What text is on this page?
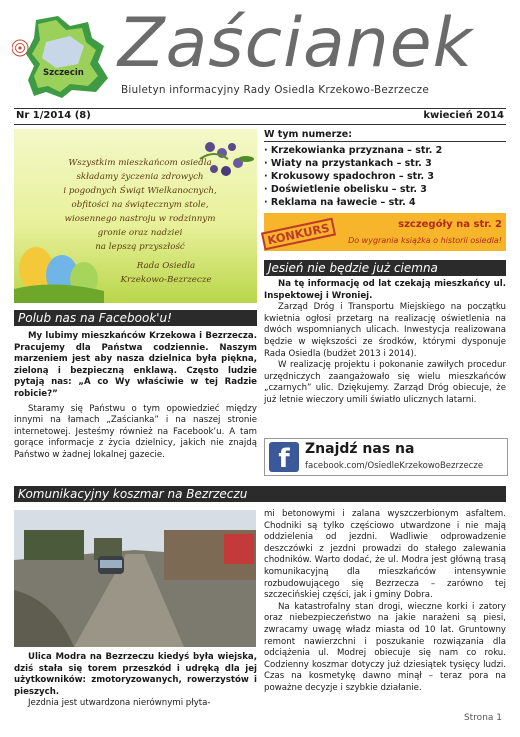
Szczecin Zaścianek
Biuletyn informacyjny Rady Osiedla Krzekowo-Bezrzecze
Nr 1/2014 (8)	kwiecień 2014

Wszystkim mieszkańcom osiedla
składamy życzenia zdrowych
i pogodnych Świąt Wielkanocnych,
obfitości na świątecznym stole,
wiosennego nastroju w rodzinnym
gronie oraz nadziei
na lepszą przyszłość

Rada Osiedla
Krzekowo-Bezrzecze

W tym numerze:
· Krzekowianka przyznana – str. 2
· Wiaty na przystankach – str. 3
· Krokusowy spadochron – str. 3
· Doświetlenie obelisku – str. 3
· Reklama na ławecie – str. 4
KONKURS	szczegóły na str. 2
Do wygrania książka o historii osiedla!
Jesień nie będzie już ciemna

Na tę informację od lat czekają mieszkańcy ul. Inspektowej i Wroniej.

Zarząd Dróg i Transportu Miejskiego na początku kwietnia ogłosi przetarg na realizację oświetlenia na dwóch wspomnianych ulicach. Inwestycja realizowana będzie w większości ze środków, którymi dysponuje Rada Osiedla (budżet 2013 i 2014).

W realizację projektu i pokonanie zawiłych procedur urzędniczych zaangażowało się wielu mieszkańców „czarnych” ulic. Dziękujemy. Zarząd Dróg obiecuje, że już letnie wieczory umili światło ulicznych latarni.

f	Znajdź nas na
facebook.com/OsiedleKrzekowoBezrzecze
Polub nas na Facebook'u!

My lubimy mieszkańców Krzekowa i Bezrzecza. Pracujemy dla Państwa codziennie. Naszym marzeniem jest aby nasza dzielnica była piękna, zieloną i bezpieczną enklawą. Często ludzie pytają nas: „A co Wy właściwie w tej Radzie robicie?”

Staramy się Państwu o tym opowiedzieć między innymi na łamach „Zaścianka” i na naszej stronie internetowej. Jesteśmy również na Facebook’u. A tam gorące informacje z życia dzielnicy, jakich nie znajdą Państwo w żadnej lokalnej gazecie.

Komunikacyjny koszmar na Bezrzeczu

Ulica Modra na Bezrzeczu kiedyś była wiejska, dziś stała się torem przeszkód i udręką dla jej użytkowników: zmotoryzowanych, rowerzystów i pieszych.

Jezdnia jest utwardzona nierównymi płyta-

mi betonowymi i zalana wyszczerbionym asfaltem. Chodniki są tylko częściowo utwardzone i nie mają oddzielenia od jezdni. Wadliwie odprowadzenie deszczówki z jezdni prowadzi do stałego zalewania chodników. Warto dodać, że ul. Modra jest główną trasą komunikacyjną dla mieszkańców intensywnie rozbudowującego się Bezrzecza – zarówno tej szczecińskiej części, jak i gminy Dobra.

Na katastrofalny stan drogi, wieczne korki i zatory oraz niebezpieczeństwo na jakie narażeni są piesi, zwracamy uwagę władz miasta od 10 lat. Gruntowny remont nawierzchni i poszukanie rozwiązania dla odciążenia ul. Modrej obiecuje się nam co roku. Codzienny koszmar dotyczy już dziesiątek tysięcy ludzi. Czas na kosmetykę dawno minął – teraz pora na poważne decyzje i szybkie działanie.

Strona 1
